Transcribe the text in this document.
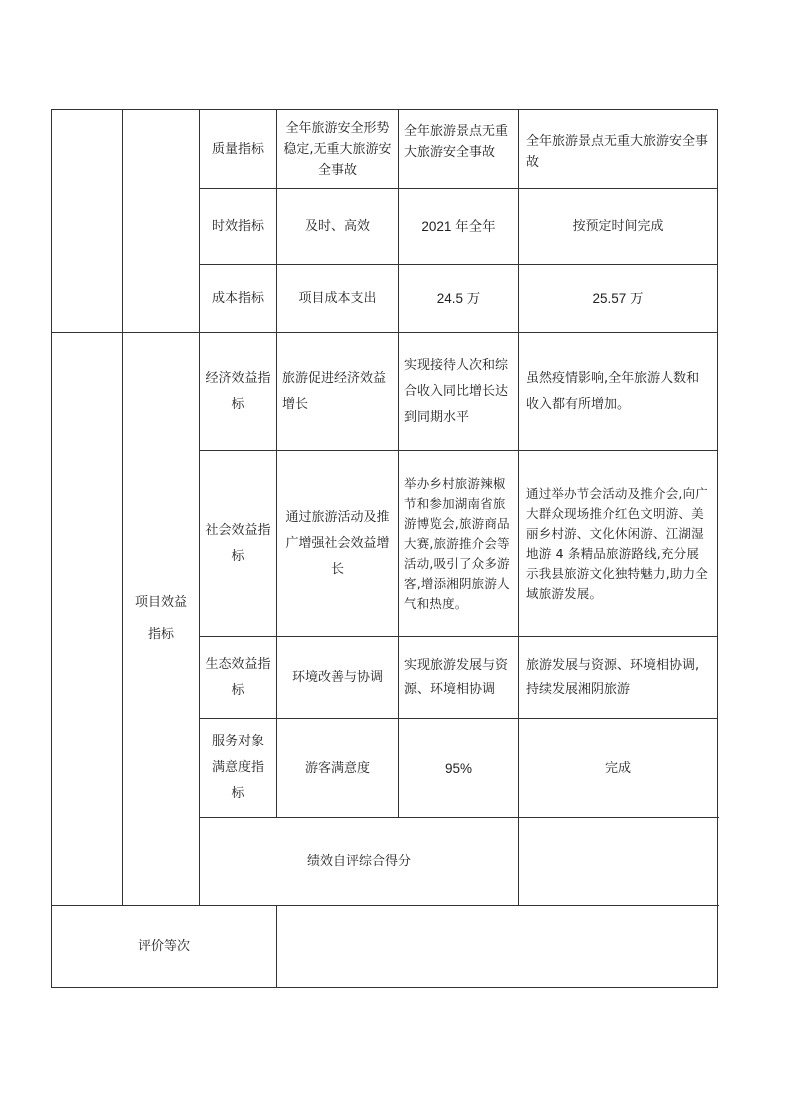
		质量指标	全年旅游安全形势稳定,无重大旅游安全事故	全年旅游景点无重大旅游安全事故	全年旅游景点无重大旅游安全事故
		时效指标	及时、高效	2021 年全年	按预定时间完成
		成本指标	项目成本支出	24.5 万	25.57 万
	项目效益指标	经济效益指标	旅游促进经济效益增长	实现接待人次和综合收入同比增长达到同期水平	虽然疫情影响,全年旅游人数和收入都有所增加。
		社会效益指标	通过旅游活动及推广增强社会效益增长	举办乡村旅游辣椒节和参加湖南省旅游博览会,旅游商品大赛,旅游推介会等活动,吸引了众多游客,增添湘阴旅游人气和热度。	通过举办节会活动及推介会,向广大群众现场推介红色文明游、美丽乡村游、文化休闲游、江湖湿地游 4 条精品旅游路线,充分展示我县旅游文化独特魅力,助力全域旅游发展。
		生态效益指标	环境改善与协调	实现旅游发展与资源、环境相协调	旅游发展与资源、环境相协调,持续发展湘阴旅游
		服务对象满意度指标	游客满意度	95%	完成
		绩效自评综合得分			
评价等次					
